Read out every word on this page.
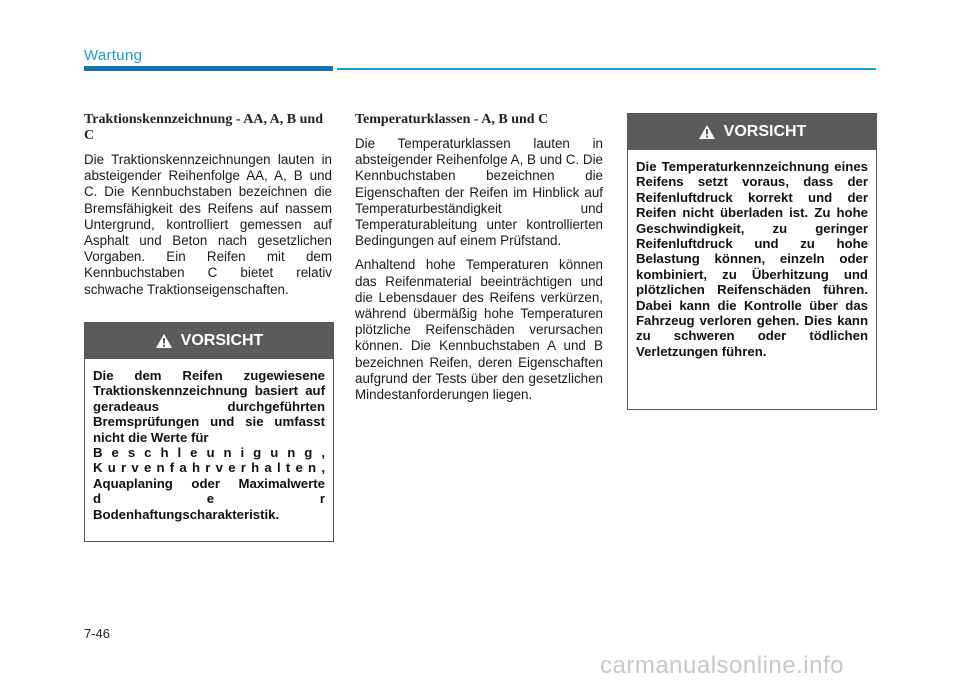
Wartung
Traktionskennzeichnung - AA, A, B und C
Die Traktionskennzeichnungen lauten in absteigender Reihenfolge AA, A, B und C. Die Kennbuchstaben bezeichnen die Bremsfähigkeit des Reifens auf nassem Untergrund, kontrolliert gemessen auf Asphalt und Beton nach gesetzlichen Vorgaben. Ein Reifen mit dem Kennbuchstaben C bietet relativ schwache Traktionseigenschaften.
VORSICHT
Die dem Reifen zugewiesene Traktionskennzeichnung basiert auf geradeaus durchgeführten Bremsprüfungen und sie umfasst nicht die Werte für
B e s c h l e u n i g u n g ,
K u r v e n f a h r v e r h a l t e n ,
Aquaplaning oder Maximalwerte
d e r
Bodenhaftungscharakteristik.
Temperaturklassen - A, B und C
Die Temperaturklassen lauten in absteigender Reihenfolge A, B und C. Die Kennbuchstaben bezeichnen die Eigenschaften der Reifen im Hinblick auf Temperaturbeständigkeit und Temperaturableitung unter kontrollierten Bedingungen auf einem Prüfstand.
Anhaltend hohe Temperaturen können das Reifenmaterial beeinträchtigen und die Lebensdauer des Reifens verkürzen, während übermäßig hohe Temperaturen plötzliche Reifenschäden verursachen können. Die Kennbuchstaben A und B bezeichnen Reifen, deren Eigenschaften aufgrund der Tests über den gesetzlichen Mindestanforderungen liegen.
VORSICHT
Die Temperaturkennzeichnung eines Reifens setzt voraus, dass der Reifenluftdruck korrekt und der Reifen nicht überladen ist. Zu hohe Geschwindigkeit, zu geringer Reifenluftdruck und zu hohe Belastung können, einzeln oder kombiniert, zu Überhitzung und plötzlichen Reifenschäden führen. Dabei kann die Kontrolle über das Fahrzeug verloren gehen. Dies kann zu schweren oder tödlichen Verletzungen führen.
7-46
carmanualsonline.info
